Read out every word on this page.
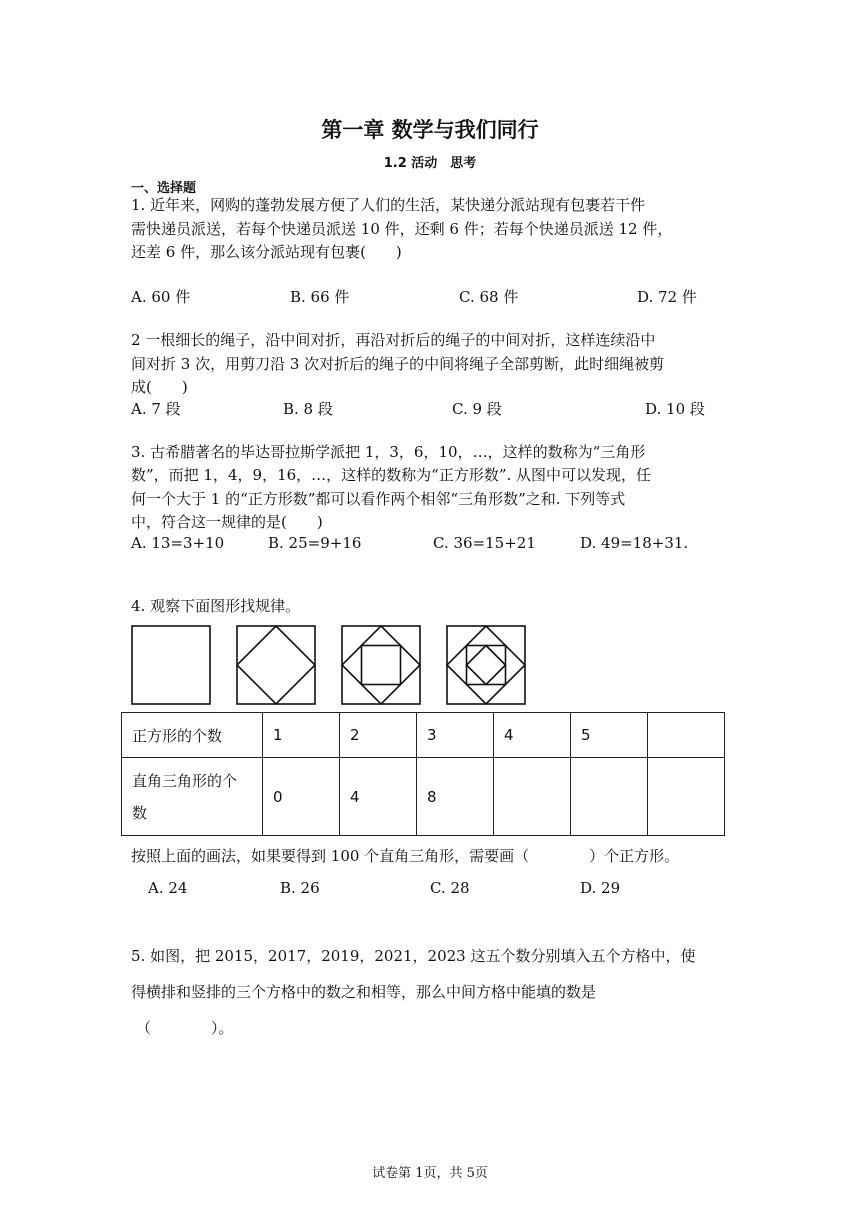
第一章 数学与我们同行
1.2 活动　思考
一、选择题
1. 近年来，网购的蓬勃发展方便了人们的生活，某快递分派站现有包裹若干件
需快递员派送，若每个快递员派送 10 件，还剩 6 件；若每个快递员派送 12 件，
还差 6 件，那么该分派站现有包裹(　　)
A. 60 件	B. 66 件	C. 68 件	D. 72 件
2 一根细长的绳子，沿中间对折，再沿对折后的绳子的中间对折，这样连续沿中
间对折 3 次，用剪刀沿 3 次对折后的绳子的中间将绳子全部剪断，此时细绳被剪
成(　　)
A. 7 段	B. 8 段	C. 9 段	D. 10 段
3. 古希腊著名的毕达哥拉斯学派把 1，3，6，10，…，这样的数称为“三角形
数”，而把 1，4，9，16，…，这样的数称为“正方形数”. 从图中可以发现，任
何一个大于 1 的“正方形数”都可以看作两个相邻“三角形数”之和. 下列等式
中，符合这一规律的是(　　)
A. 13=3+10	B. 25=9+16	C. 36=15+21	D. 49=18+31.
4. 观察下面图形找规律。
正方形的个数	1	2	3	4	5	

直角三角形的个
数	0	4	8			
按照上面的画法，如果要得到 100 个直角三角形，需要画（　　　　）个正方形。
A. 24	B. 26	C. 28	D. 29
5. 如图，把 2015，2017，2019，2021，2023 这五个数分别填入五个方格中，使
得横排和竖排的三个方格中的数之和相等，那么中间方格中能填的数是
（　　　　）。
试卷第 1页，共 5页
